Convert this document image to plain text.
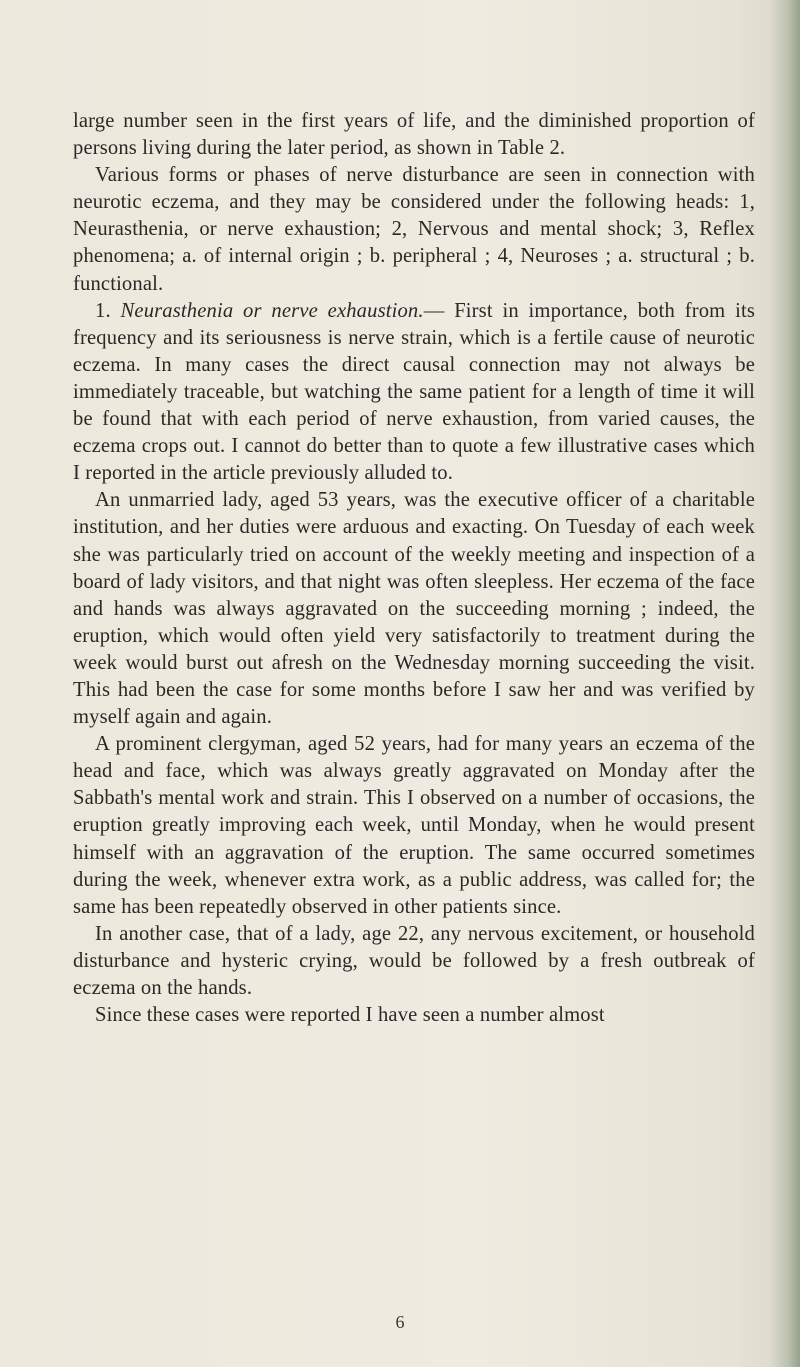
large number seen in the first years of life, and the diminished proportion of persons living during the later period, as shown in Table 2.

Various forms or phases of nerve disturbance are seen in connection with neurotic eczema, and they may be considered under the following heads: 1, Neurasthenia, or nerve exhaustion; 2, Nervous and mental shock; 3, Reflex phenomena; a. of internal origin ; b. peripheral ; 4, Neuroses ; a. structural ; b. functional.

1. Neurasthenia or nerve exhaustion.— First in importance, both from its frequency and its seriousness is nerve strain, which is a fertile cause of neurotic eczema. In many cases the direct causal connection may not always be immediately traceable, but watching the same patient for a length of time it will be found that with each period of nerve exhaustion, from varied causes, the eczema crops out. I cannot do better than to quote a few illustrative cases which I reported in the article previously alluded to.

An unmarried lady, aged 53 years, was the executive officer of a charitable institution, and her duties were arduous and exacting. On Tuesday of each week she was particularly tried on account of the weekly meeting and inspection of a board of lady visitors, and that night was often sleepless. Her eczema of the face and hands was always aggravated on the succeeding morning ; indeed, the eruption, which would often yield very satisfactorily to treatment during the week would burst out afresh on the Wednesday morning succeeding the visit. This had been the case for some months before I saw her and was verified by myself again and again.

A prominent clergyman, aged 52 years, had for many years an eczema of the head and face, which was always greatly aggravated on Monday after the Sabbath's mental work and strain. This I observed on a number of occasions, the eruption greatly improving each week, until Monday, when he would present himself with an aggravation of the eruption. The same occurred sometimes during the week, whenever extra work, as a public address, was called for; the same has been repeatedly observed in other patients since.

In another case, that of a lady, age 22, any nervous excitement, or household disturbance and hysteric crying, would be followed by a fresh outbreak of eczema on the hands.

Since these cases were reported I have seen a number almost

6
